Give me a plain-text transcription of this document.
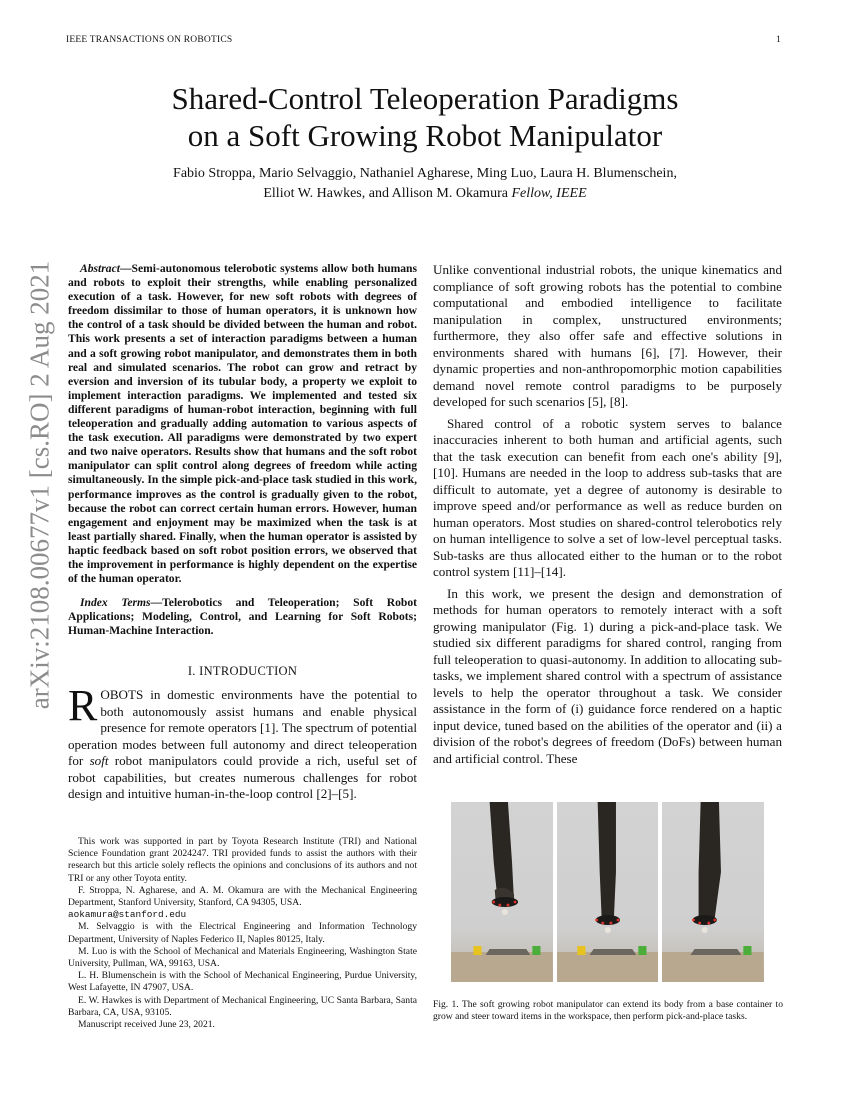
IEEE TRANSACTIONS ON ROBOTICS	1
arXiv:2108.00677v1 [cs.RO] 2 Aug 2021
Shared-Control Teleoperation Paradigms
on a Soft Growing Robot Manipulator
Fabio Stroppa, Mario Selvaggio, Nathaniel Agharese, Ming Luo, Laura H. Blumenschein,
Elliot W. Hawkes, and Allison M. Okamura Fellow, IEEE

Abstract—Semi-autonomous telerobotic systems allow both humans and robots to exploit their strengths, while enabling personalized execution of a task. However, for new soft robots with degrees of freedom dissimilar to those of human operators, it is unknown how the control of a task should be divided between the human and robot. This work presents a set of interaction paradigms between a human and a soft growing robot manipulator, and demonstrates them in both real and simulated scenarios. The robot can grow and retract by eversion and inversion of its tubular body, a property we exploit to implement interaction paradigms. We implemented and tested six different paradigms of human-robot interaction, beginning with full teleoperation and gradually adding automation to various aspects of the task execution. All paradigms were demonstrated by two expert and two naive operators. Results show that humans and the soft robot manipulator can split control along degrees of freedom while acting simultaneously. In the simple pick-and-place task studied in this work, performance improves as the control is gradually given to the robot, because the robot can correct certain human errors. However, human engagement and enjoyment may be maximized when the task is at least partially shared. Finally, when the human operator is assisted by haptic feedback based on soft robot position errors, we observed that the improvement in performance is highly dependent on the expertise of the human operator.

Index Terms—Telerobotics and Teleoperation; Soft Robot Applications; Modeling, Control, and Learning for Soft Robots; Human-Machine Interaction.

I. INTRODUCTION

ROBOTS in domestic environments have the potential to both autonomously assist humans and enable physical presence for remote operators [1]. The spectrum of potential operation modes between full autonomy and direct teleoperation for soft robot manipulators could provide a rich, useful set of robot capabilities, but creates numerous challenges for robot design and intuitive human-in-the-loop control [2]–[5].

This work was supported in part by Toyota Research Institute (TRI) and National Science Foundation grant 2024247. TRI provided funds to assist the authors with their research but this article solely reflects the opinions and conclusions of its authors and not TRI or any other Toyota entity.

F. Stroppa, N. Agharese, and A. M. Okamura are with the Mechanical Engineering Department, Stanford University, Stanford, CA 94305, USA.
aokamura@stanford.edu

M. Selvaggio is with the Electrical Engineering and Information Technology Department, University of Naples Federico II, Naples 80125, Italy.

M. Luo is with the School of Mechanical and Materials Engineering, Washington State University, Pullman, WA, 99163, USA.

L. H. Blumenschein is with the School of Mechanical Engineering, Purdue University, West Lafayette, IN 47907, USA.

E. W. Hawkes is with Department of Mechanical Engineering, UC Santa Barbara, Santa Barbara, CA, USA, 93105.

Manuscript received June 23, 2021.

Unlike conventional industrial robots, the unique kinematics and compliance of soft growing robots has the potential to combine computational and embodied intelligence to facilitate manipulation in complex, unstructured environments; furthermore, they also offer safe and effective solutions in environments shared with humans [6], [7]. However, their dynamic properties and non-anthropomorphic motion capabilities demand novel remote control paradigms to be purposely developed for such scenarios [5], [8].

Shared control of a robotic system serves to balance inaccuracies inherent to both human and artificial agents, such that the task execution can benefit from each one's ability [9], [10]. Humans are needed in the loop to address sub-tasks that are difficult to automate, yet a degree of autonomy is desirable to improve speed and/or performance as well as reduce burden on human operators. Most studies on shared-control telerobotics rely on human intelligence to solve a set of low-level perceptual tasks. Sub-tasks are thus allocated either to the human or to the robot control system [11]–[14].

In this work, we present the design and demonstration of methods for human operators to remotely interact with a soft growing manipulator (Fig. 1) during a pick-and-place task. We studied six different paradigms for shared control, ranging from full teleoperation to quasi-autonomy. In addition to allocating sub-tasks, we implement shared control with a spectrum of assistance levels to help the operator throughout a task. We consider assistance in the form of (i) guidance force rendered on a haptic input device, tuned based on the abilities of the operator and (ii) a division of the robot's degrees of freedom (DoFs) between human and artificial control. These

Fig. 1. The soft growing robot manipulator can extend its body from a base container to grow and steer toward items in the workspace, then perform pick-and-place tasks.
